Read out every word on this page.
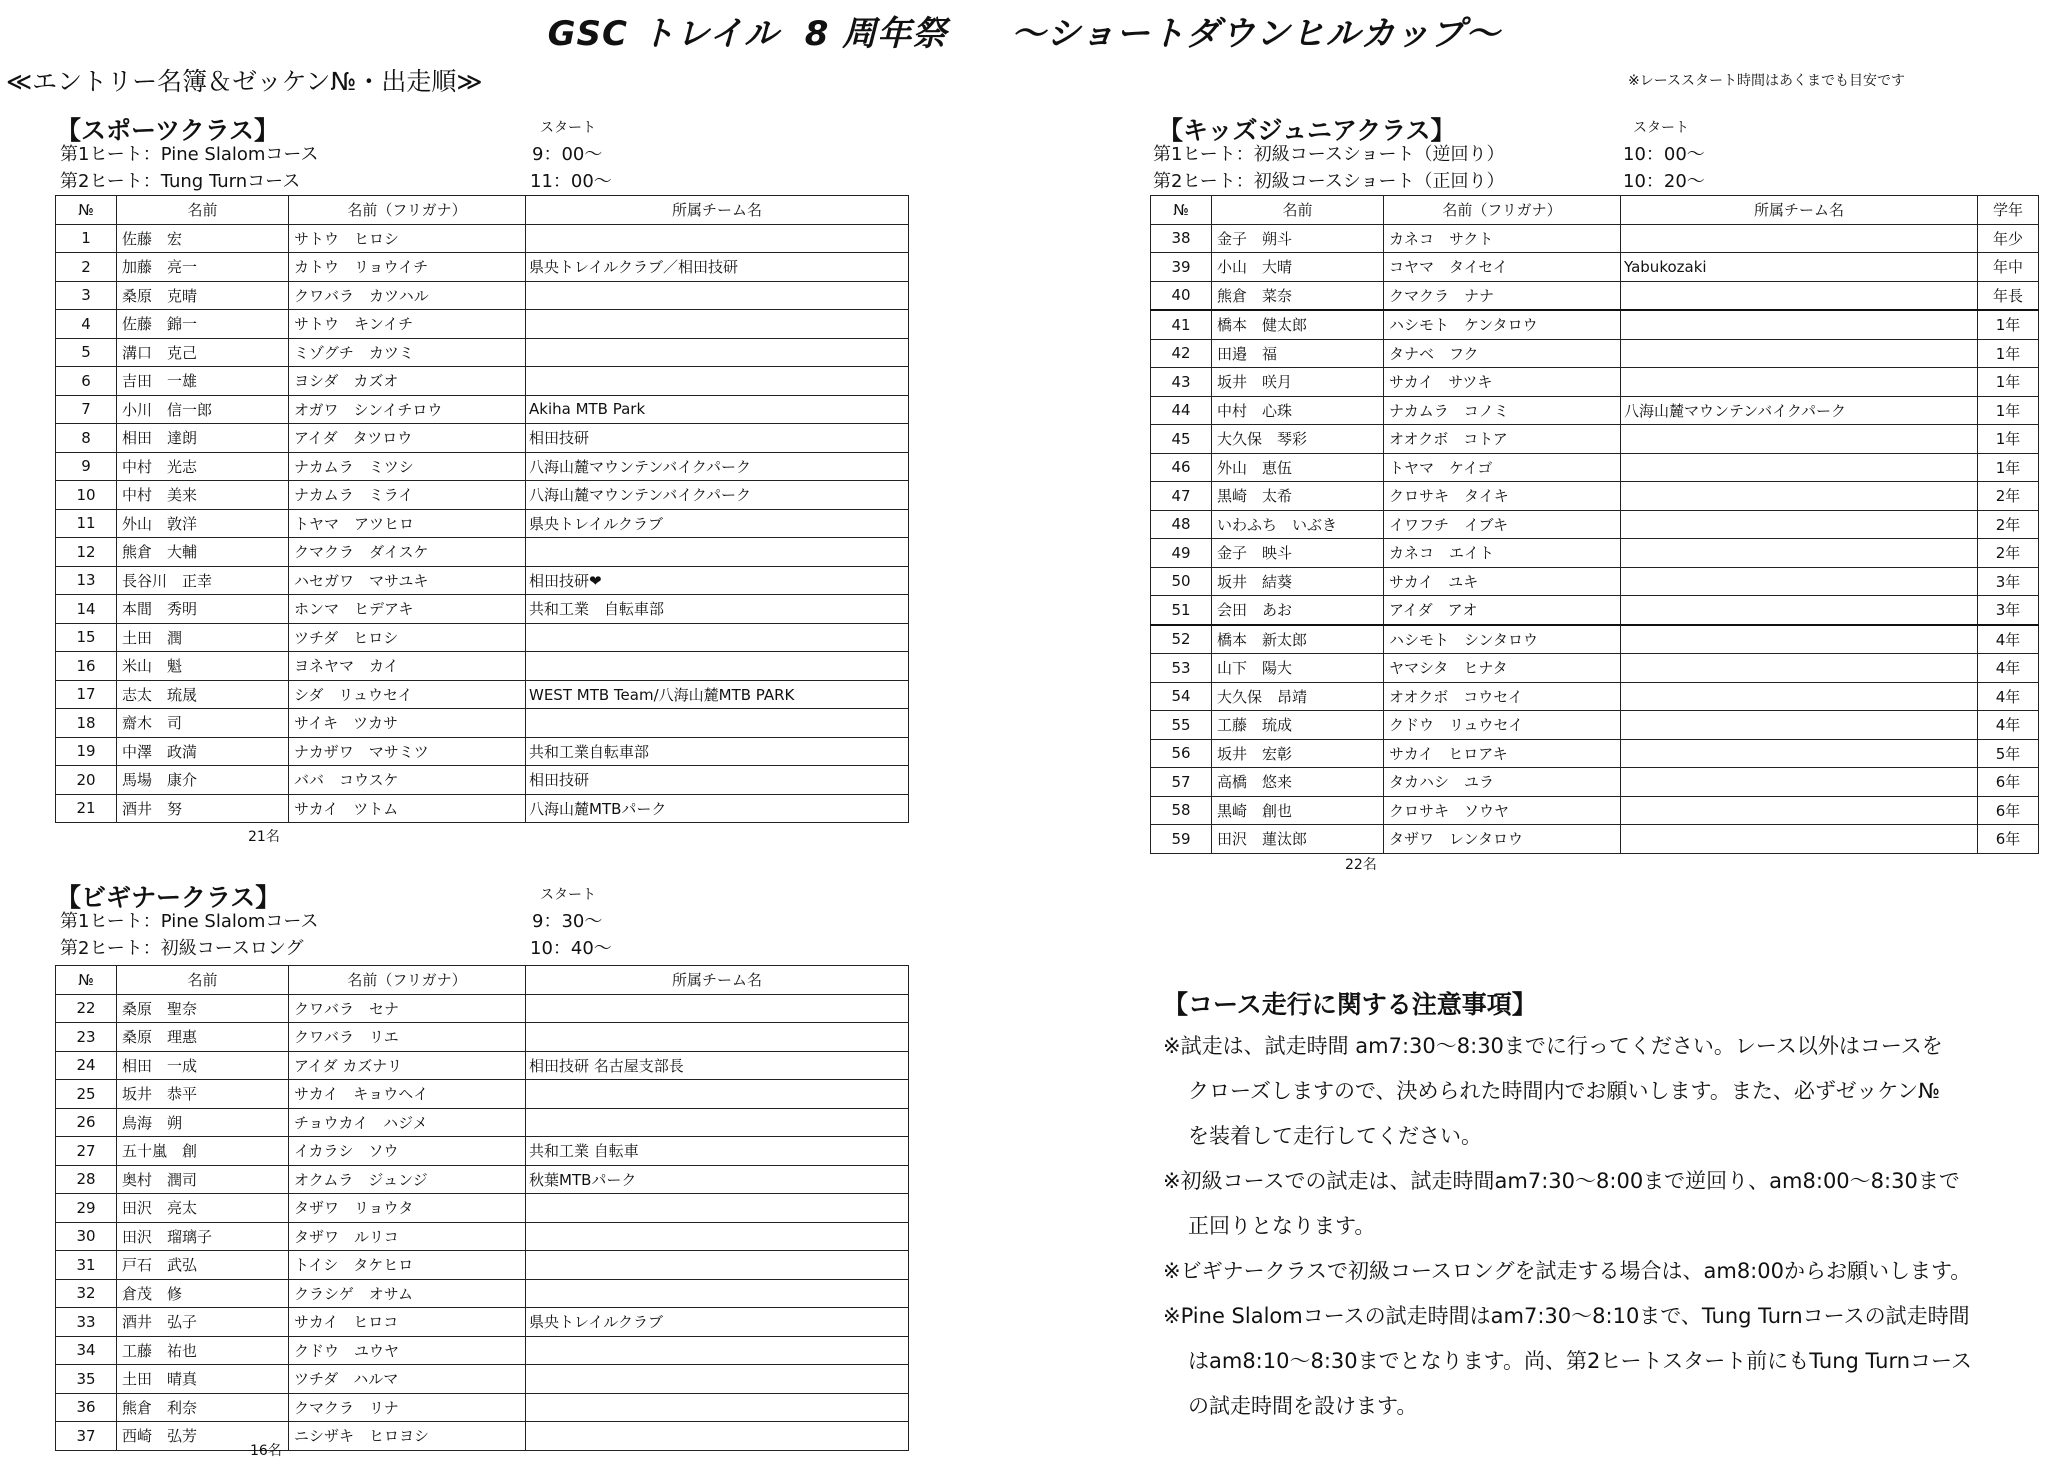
GSC トレイル  8 周年祭     ～ショートダウンヒルカップ～
≪エントリー名簿＆ゼッケン№・出走順≫	※レーススタート時間はあくまでも目安です
【スポーツクラス】	スタート
第1ヒート：Pine Slalomコース	9：00～
第2ヒート：Tung Turnコース	11：00～
№	名前	名前（フリガナ）	所属チーム名
1	佐藤　宏	サトウ　ヒロシ	
2	加藤　亮一	カトウ　リョウイチ	県央トレイルクラブ／相田技研
3	桑原　克晴	クワバラ　カツハル	
4	佐藤　錦一	サトウ　キンイチ	
5	溝口　克己	ミゾグチ　カツミ	
6	吉田　一雄	ヨシダ　カズオ	
7	小川　信一郎	オガワ　シンイチロウ	Akiha MTB Park
8	相田　達朗	アイダ　タツロウ	相田技研
9	中村　光志	ナカムラ　ミツシ	八海山麓マウンテンバイクパーク
10	中村　美来	ナカムラ　ミライ	八海山麓マウンテンバイクパーク
11	外山　敦洋	トヤマ　アツヒロ	県央トレイルクラブ
12	熊倉　大輔	クマクラ　ダイスケ	
13	長谷川　正幸	ハセガワ　マサユキ	相田技研❤
14	本間　秀明	ホンマ　ヒデアキ	共和工業　自転車部
15	土田　潤	ツチダ　ヒロシ	
16	米山　魁	ヨネヤマ　カイ	
17	志太　琉晟	シダ　リュウセイ	WEST MTB Team/八海山麓MTB PARK
18	齋木　司	サイキ　ツカサ	
19	中澤　政満	ナカザワ　マサミツ	共和工業自転車部
20	馬場　康介	ババ　コウスケ	相田技研
21	酒井　努	サカイ　ツトム	八海山麓MTBパーク
21名
【ビギナークラス】	スタート
第1ヒート：Pine Slalomコース	9：30～
第2ヒート：初級コースロング	10：40～
№	名前	名前（フリガナ）	所属チーム名
22	桑原　聖奈	クワバラ　セナ	
23	桑原　理惠	クワバラ　リエ	
24	相田　一成	アイダ カズナリ	相田技研 名古屋支部長
25	坂井　恭平	サカイ　キョウヘイ	
26	鳥海　朔	チョウカイ　ハジメ	
27	五十嵐　創	イカラシ　ソウ	共和工業 自転車
28	奥村　潤司	オクムラ　ジュンジ	秋葉MTBパーク
29	田沢　亮太	タザワ　リョウタ	
30	田沢　瑠璃子	タザワ　ルリコ	
31	戸石　武弘	トイシ　タケヒロ	
32	倉茂　修	クラシゲ　オサム	
33	酒井　弘子	サカイ　ヒロコ	県央トレイルクラブ
34	工藤　祐也	クドウ　ユウヤ	
35	土田　晴真	ツチダ　ハルマ	
36	熊倉　利奈	クマクラ　リナ	
37	西崎　弘芳	ニシザキ　ヒロヨシ	
16名
【キッズジュニアクラス】	スタート
第1ヒート：初級コースショート（逆回り）	10：00～
第2ヒート：初級コースショート（正回り）	10：20～
№	名前	名前（フリガナ）	所属チーム名	学年
38	金子　朔斗	カネコ　サクト		年少
39	小山　大晴	コヤマ　タイセイ	Yabukozaki	年中
40	熊倉　菜奈	クマクラ　ナナ		年長
41	橋本　健太郎	ハシモト　ケンタロウ		1年
42	田邉　福	タナベ　フク		1年
43	坂井　咲月	サカイ　サツキ		1年
44	中村　心珠	ナカムラ　コノミ	八海山麓マウンテンバイクパーク	1年
45	大久保　琴彩	オオクボ　コトア		1年
46	外山　恵伍	トヤマ　ケイゴ		1年
47	黒崎　太希	クロサキ　タイキ		2年
48	いわふち　いぶき	イワフチ　イブキ		2年
49	金子　映斗	カネコ　エイト		2年
50	坂井　結葵	サカイ　ユキ		3年
51	会田　あお	アイダ　アオ		3年
52	橋本　新太郎	ハシモト　シンタロウ		4年
53	山下　陽大	ヤマシタ　ヒナタ		4年
54	大久保　昂靖	オオクボ　コウセイ		4年
55	工藤　琉成	クドウ　リュウセイ		4年
56	坂井　宏彰	サカイ　ヒロアキ		5年
57	高橋　悠来	タカハシ　ユラ		6年
58	黒崎　創也	クロサキ　ソウヤ		6年
59	田沢　蓮汰郎	タザワ　レンタロウ		6年
22名
【コース走行に関する注意事項】
※試走は、試走時間 am7:30～8:30までに行ってください。レース以外はコースを
クローズしますので、決められた時間内でお願いします。また、必ずゼッケン№
を装着して走行してください。
※初級コースでの試走は、試走時間am7:30～8:00まで逆回り、am8:00～8:30まで
正回りとなります。
※ビギナークラスで初級コースロングを試走する場合は、am8:00からお願いします。
※Pine Slalomコースの試走時間はam7:30～8:10まで、Tung Turnコースの試走時間
はam8:10～8:30までとなります。尚、第2ヒートスタート前にもTung Turnコース
の試走時間を設けます。
